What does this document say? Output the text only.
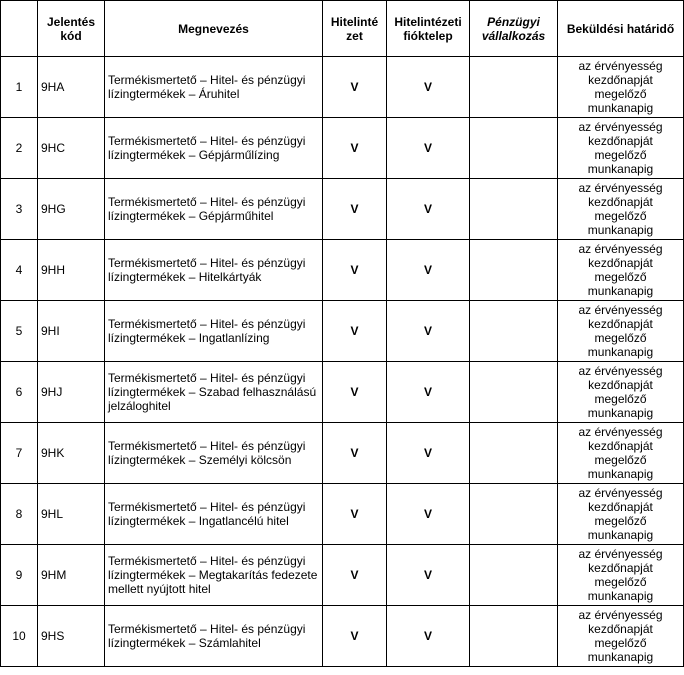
	Jelentés kód	Megnevezés	Hitelinté zet	Hitelintézeti fióktelep	Pénzügyi vállalkozás	Beküldési határidő
1	9HA	Termékismertető – Hitel- és pénzügyi lízingtermékek – Áruhitel	V	V		az érvényesség kezdőnapját megelőző munkanapig
2	9HC	Termékismertető – Hitel- és pénzügyi lízingtermékek – Gépjárműlízing	V	V		az érvényesség kezdőnapját megelőző munkanapig
3	9HG	Termékismertető – Hitel- és pénzügyi lízingtermékek – Gépjárműhitel	V	V		az érvényesség kezdőnapját megelőző munkanapig
4	9HH	Termékismertető – Hitel- és pénzügyi lízingtermékek – Hitelkártyák	V	V		az érvényesség kezdőnapját megelőző munkanapig
5	9HI	Termékismertető – Hitel- és pénzügyi lízingtermékek – Ingatlanlízing	V	V		az érvényesség kezdőnapját megelőző munkanapig
6	9HJ	Termékismertető – Hitel- és pénzügyi lízingtermékek – Szabad felhasználású jelzáloghitel	V	V		az érvényesség kezdőnapját megelőző munkanapig
7	9HK	Termékismertető – Hitel- és pénzügyi lízingtermékek – Személyi kölcsön	V	V		az érvényesség kezdőnapját megelőző munkanapig
8	9HL	Termékismertető – Hitel- és pénzügyi lízingtermékek – Ingatlancélú hitel	V	V		az érvényesség kezdőnapját megelőző munkanapig
9	9HM	Termékismertető – Hitel- és pénzügyi lízingtermékek – Megtakarítás fedezete mellett nyújtott hitel	V	V		az érvényesség kezdőnapját megelőző munkanapig
10	9HS	Termékismertető – Hitel- és pénzügyi lízingtermékek – Számlahitel	V	V		az érvényesség kezdőnapját megelőző munkanapig
